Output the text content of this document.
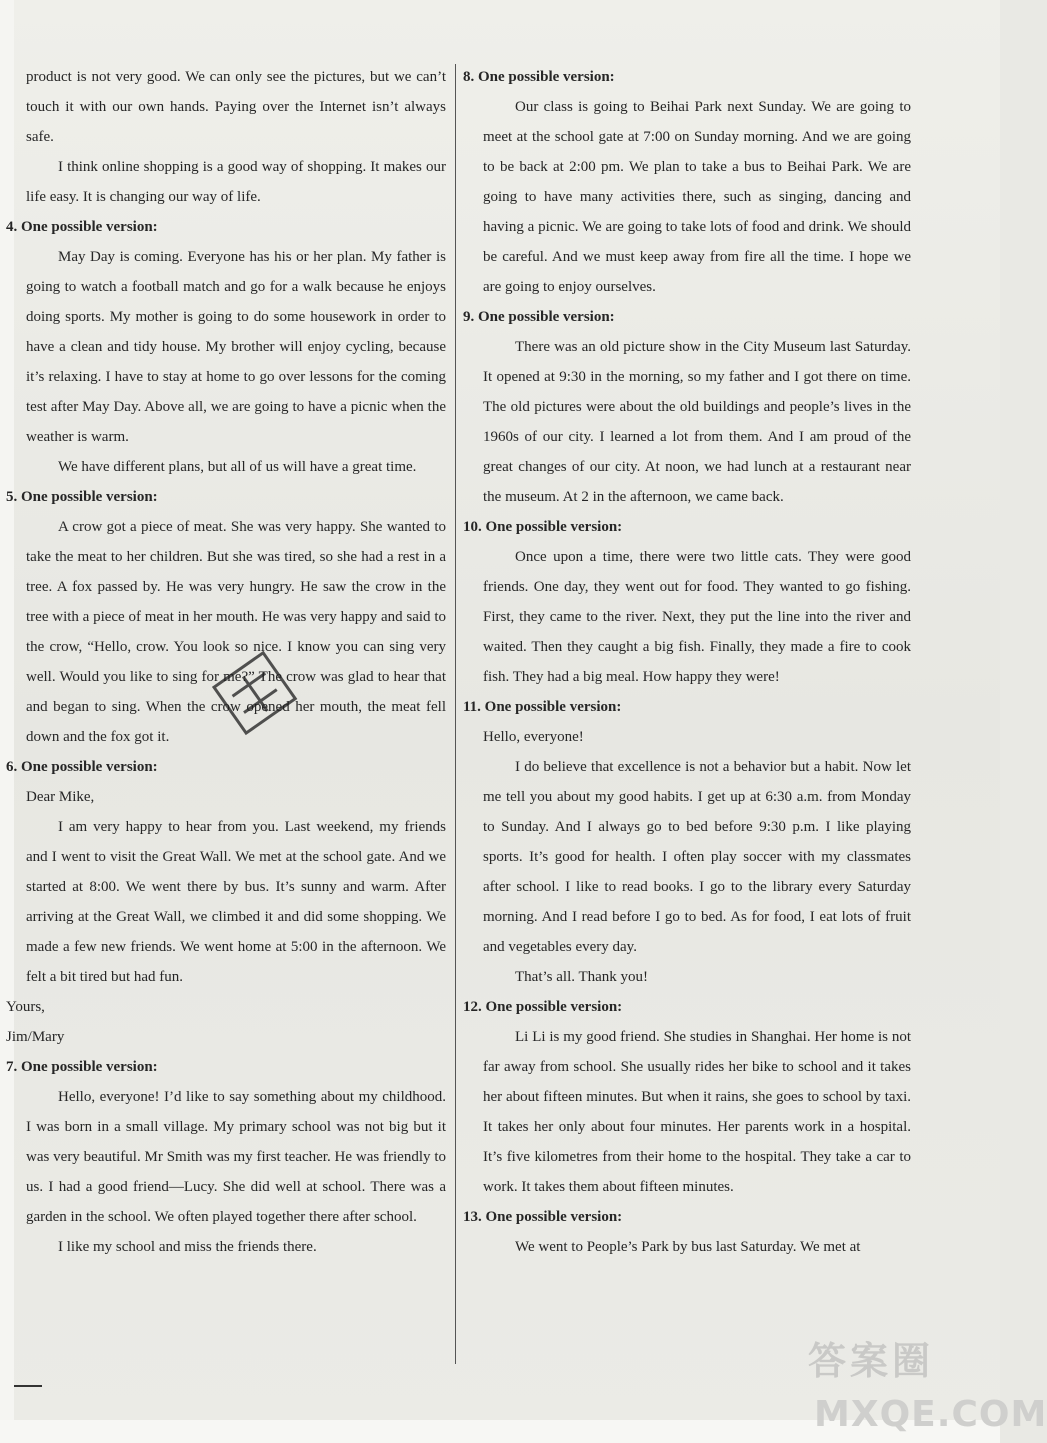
product is not very good. We can only see the pictures, but we can’t touch it with our own hands. Paying over the Internet isn’t always safe.

I think online shopping is a good way of shopping. It makes our life easy. It is changing our way of life.

4. One possible version:

May Day is coming. Everyone has his or her plan. My father is going to watch a football match and go for a walk because he enjoys doing sports. My mother is going to do some housework in order to have a clean and tidy house. My brother will enjoy cycling, because it’s relaxing. I have to stay at home to go over lessons for the coming test after May Day. Above all, we are going to have a picnic when the weather is warm.

We have different plans, but all of us will have a great time.

5. One possible version:

A crow got a piece of meat. She was very happy. She wanted to take the meat to her children. But she was tired, so she had a rest in a tree. A fox passed by. He was very hungry. He saw the crow in the tree with a piece of meat in her mouth. He was very happy and said to the crow, “Hello, crow. You look so nice. I know you can sing very well. Would you like to sing for me?” The crow was glad to hear that and began to sing. When the crow opened her mouth, the meat fell down and the fox got it.

6. One possible version:

Dear Mike,

I am very happy to hear from you. Last weekend, my friends and I went to visit the Great Wall. We met at the school gate. And we started at 8:00. We went there by bus. It’s sunny and warm. After arriving at the Great Wall, we climbed it and did some shopping. We made a few new friends. We went home at 5:00 in the afternoon. We felt a bit tired but had fun.

Yours,

Jim/Mary

7. One possible version:

Hello, everyone! I’d like to say something about my childhood. I was born in a small village. My primary school was not big but it was very beautiful. Mr Smith was my first teacher. He was friendly to us. I had a good friend—Lucy. She did well at school. There was a garden in the school. We often played together there after school.

I like my school and miss the friends there.

8. One possible version:

Our class is going to Beihai Park next Sunday. We are going to meet at the school gate at 7:00 on Sunday morning. And we are going to be back at 2:00 pm. We plan to take a bus to Beihai Park. We are going to have many activities there, such as singing, dancing and having a picnic. We are going to take lots of food and drink. We should be careful. And we must keep away from fire all the time. I hope we are going to enjoy ourselves.

9. One possible version:

There was an old picture show in the City Museum last Saturday. It opened at 9:30 in the morning, so my father and I got there on time. The old pictures were about the old buildings and people’s lives in the 1960s of our city. I learned a lot from them. And I am proud of the great changes of our city. At noon, we had lunch at a restaurant near the museum. At 2 in the afternoon, we came back.

10. One possible version:

Once upon a time, there were two little cats. They were good friends. One day, they went out for food. They wanted to go fishing. First, they came to the river. Next, they put the line into the river and waited. Then they caught a big fish. Finally, they made a fire to cook fish. They had a big meal. How happy they were!

11. One possible version:

Hello, everyone!

I do believe that excellence is not a behavior but a habit. Now let me tell you about my good habits. I get up at 6:30 a.m. from Monday to Sunday. And I always go to bed before 9:30 p.m. I like playing sports. It’s good for health. I often play soccer with my classmates after school. I like to read books. I go to the library every Saturday morning. And I read before I go to bed. As for food, I eat lots of fruit and vegetables every day.

That’s all. Thank you!

12. One possible version:

Li Li is my good friend. She studies in Shanghai. Her home is not far away from school. She usually rides her bike to school and it takes her about fifteen minutes. But when it rains, she goes to school by taxi. It takes her only about four minutes. Her parents work in a hospital. It’s five kilometres from their home to the hospital. They take a car to work. It takes them about fifteen minutes.

13. One possible version:

We went to People’s Park by bus last Saturday. We met at

答案圈
MXQE.COM
